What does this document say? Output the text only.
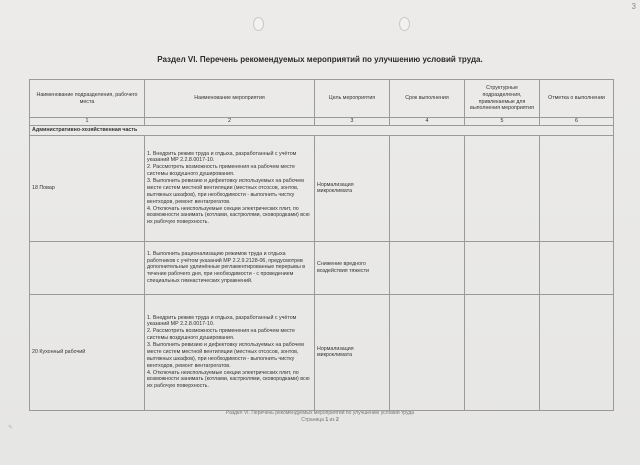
3
Раздел VI. Перечень рекомендуемых мероприятий по улучшению условий труда.
Наименование подразделения, рабочего места	Наименование мероприятия	Цель мероприятия	Срок выполнения	Структурные подразделения, привлекаемые для выполнения мероприятия	Отметка о выполнении
1	2	3	4	5	6
Административно-хозяйственная часть					
18 Повар	1. Внедрить режим труда и отдыха, разработанный с учётом указаний МР 2.2.8.0017-10.
2. Рассмотреть возможность применения на рабочем месте системы воздушного душирования.
3. Выполнить ревизию и дефектовку используемых на рабочем месте систем местной вентиляции (местных отсосов, зонтов, вытяжных шкафов), при необходимости - выполнить чистку вентходов, ремонт вентагрегатов.
4. Отключать неиспользуемые секции электрических плит, по возможности занимать (котлами, кастрюлями, сковородками) всю их рабочую поверхность.	Нормализация микроклимата			

	1. Выполнить рационализацию режимов труда и отдыха работников с учётом указаний МР 2.2.9.2128-06, предусмотрев дополнительные удлинённые регламентированные перерывы в течение рабочего дня, при необходимости - с проведением специальных гимнастических упражнений.	Снижение вредного воздействия тяжести			
20 Кухонный рабочий	1. Внедрить режим труда и отдыха, разработанный с учётом указаний МР 2.2.8.0017-10.
2. Рассмотреть возможность применения на рабочем месте системы воздушного душирования.
3. Выполнить ревизию и дефектовку используемых на рабочем месте систем местной вентиляции (местных отсосов, зонтов, вытяжных шкафов), при необходимости - выполнить чистку вентходов, ремонт вентагрегатов.
4. Отключать неиспользуемые секции электрических плит, по возможности занимать (котлами, кастрюлями, сковородками) всю их рабочую поверхность.	Нормализация микроклимата			
Раздел VI. Перечень рекомендуемых мероприятий по улучшению условий труда
Страница 1 из 2
✎
